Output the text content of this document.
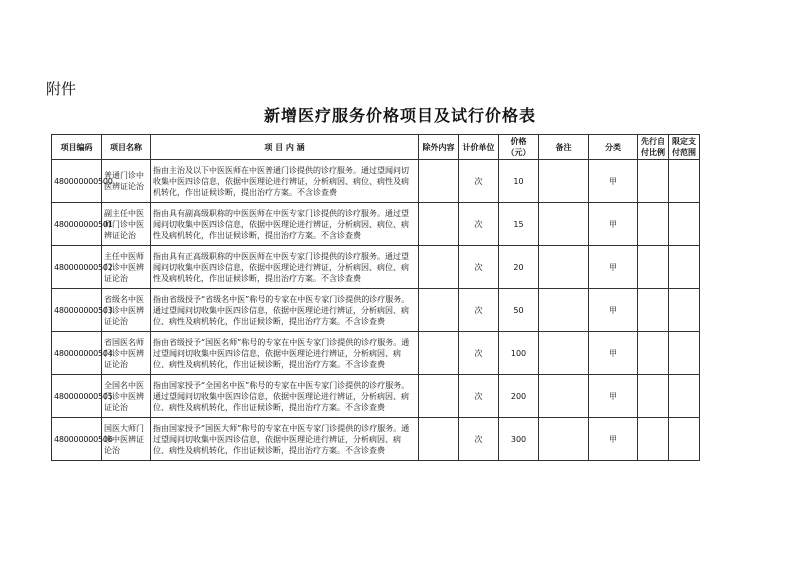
附件
新增医疗服务价格项目及试行价格表
项目编码	项目名称	项 目 内 涵	除外内容	计价单位	价格（元）	备注	分类	先行自付比例	限定支付范围
480000000500	普通门诊中医辨证论治	指由主治及以下中医医师在中医普通门诊提供的诊疗服务。通过望闻问切收集中医四诊信息，依据中医理论进行辨证，分析病因、病位、病性及病机转化，作出证候诊断，提出治疗方案。不含诊查费		次	10		甲		
480000000501	副主任中医师门诊中医辨证论治	指由具有副高级职称的中医医师在中医专家门诊提供的诊疗服务。通过望闻问切收集中医四诊信息，依据中医理论进行辨证，分析病因、病位、病性及病机转化，作出证候诊断，提出治疗方案。不含诊查费		次	15		甲		
480000000502	主任中医师门诊中医辨证论治	指由具有正高级职称的中医医师在中医专家门诊提供的诊疗服务。通过望闻问切收集中医四诊信息，依据中医理论进行辨证，分析病因、病位、病性及病机转化，作出证候诊断，提出治疗方案。不含诊查费		次	20		甲		
480000000503	省级名中医门诊中医辨证论治	指由省级授予“省级名中医”称号的专家在中医专家门诊提供的诊疗服务。通过望闻问切收集中医四诊信息，依据中医理论进行辨证，分析病因、病位、病性及病机转化，作出证候诊断，提出治疗方案。不含诊查费		次	50		甲		
480000000504	省国医名师门诊中医辨证论治	指由省级授予“国医名师”称号的专家在中医专家门诊提供的诊疗服务。通过望闻问切收集中医四诊信息，依据中医理论进行辨证，分析病因、病位、病性及病机转化，作出证候诊断，提出治疗方案。不含诊查费		次	100		甲		
480000000505	全国名中医门诊中医辨证论治	指由国家授予“全国名中医”称号的专家在中医专家门诊提供的诊疗服务。通过望闻问切收集中医四诊信息，依据中医理论进行辨证，分析病因、病位、病性及病机转化，作出证候诊断，提出治疗方案。不含诊查费		次	200		甲		
480000000506	国医大师门诊中医辨证论治	指由国家授予“国医大师”称号的专家在中医专家门诊提供的诊疗服务。通过望闻问切收集中医四诊信息，依据中医理论进行辨证，分析病因、病位、病性及病机转化，作出证候诊断，提出治疗方案。不含诊查费		次	300		甲		
